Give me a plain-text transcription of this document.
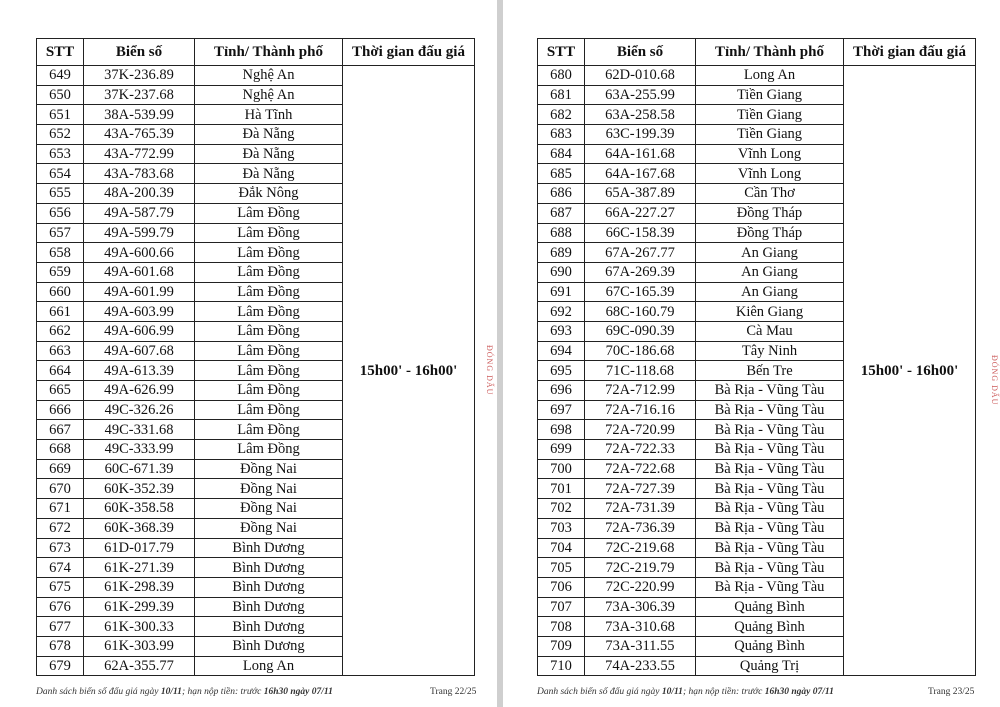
STT	Biển số	Tỉnh/ Thành phố	Thời gian đấu giá
649	37K-236.89	Nghệ An	15h00' - 16h00'
650	37K-237.68	Nghệ An	
651	38A-539.99	Hà Tĩnh	
652	43A-765.39	Đà Nẵng	
653	43A-772.99	Đà Nẵng	
654	43A-783.68	Đà Nẵng	
655	48A-200.39	Đắk Nông	
656	49A-587.79	Lâm Đồng	
657	49A-599.79	Lâm Đồng	
658	49A-600.66	Lâm Đồng	
659	49A-601.68	Lâm Đồng	
660	49A-601.99	Lâm Đồng	
661	49A-603.99	Lâm Đồng	
662	49A-606.99	Lâm Đồng	
663	49A-607.68	Lâm Đồng	
664	49A-613.39	Lâm Đồng	
665	49A-626.99	Lâm Đồng	
666	49C-326.26	Lâm Đồng	
667	49C-331.68	Lâm Đồng	
668	49C-333.99	Lâm Đồng	
669	60C-671.39	Đồng Nai	
670	60K-352.39	Đồng Nai	
671	60K-358.58	Đồng Nai	
672	60K-368.39	Đồng Nai	
673	61D-017.79	Bình Dương	
674	61K-271.39	Bình Dương	
675	61K-298.39	Bình Dương	
676	61K-299.39	Bình Dương	
677	61K-300.33	Bình Dương	
678	61K-303.99	Bình Dương	
679	62A-355.77	Long An	
Danh sách biển số đấu giá ngày 10/11; hạn nộp tiền: trước 16h30 ngày 07/11	Trang 22/25
ĐÓNG DẤU
STT	Biển số	Tỉnh/ Thành phố	Thời gian đấu giá
680	62D-010.68	Long An	15h00' - 16h00'
681	63A-255.99	Tiền Giang	
682	63A-258.58	Tiền Giang	
683	63C-199.39	Tiền Giang	
684	64A-161.68	Vĩnh Long	
685	64A-167.68	Vĩnh Long	
686	65A-387.89	Cần Thơ	
687	66A-227.27	Đồng Tháp	
688	66C-158.39	Đồng Tháp	
689	67A-267.77	An Giang	
690	67A-269.39	An Giang	
691	67C-165.39	An Giang	
692	68C-160.79	Kiên Giang	
693	69C-090.39	Cà Mau	
694	70C-186.68	Tây Ninh	
695	71C-118.68	Bến Tre	
696	72A-712.99	Bà Rịa - Vũng Tàu	
697	72A-716.16	Bà Rịa - Vũng Tàu	
698	72A-720.99	Bà Rịa - Vũng Tàu	
699	72A-722.33	Bà Rịa - Vũng Tàu	
700	72A-722.68	Bà Rịa - Vũng Tàu	
701	72A-727.39	Bà Rịa - Vũng Tàu	
702	72A-731.39	Bà Rịa - Vũng Tàu	
703	72A-736.39	Bà Rịa - Vũng Tàu	
704	72C-219.68	Bà Rịa - Vũng Tàu	
705	72C-219.79	Bà Rịa - Vũng Tàu	
706	72C-220.99	Bà Rịa - Vũng Tàu	
707	73A-306.39	Quảng Bình	
708	73A-310.68	Quảng Bình	
709	73A-311.55	Quảng Bình	
710	74A-233.55	Quảng Trị	
Danh sách biển số đấu giá ngày 10/11; hạn nộp tiền: trước 16h30 ngày 07/11	Trang 23/25
ĐÓNG DẤU
